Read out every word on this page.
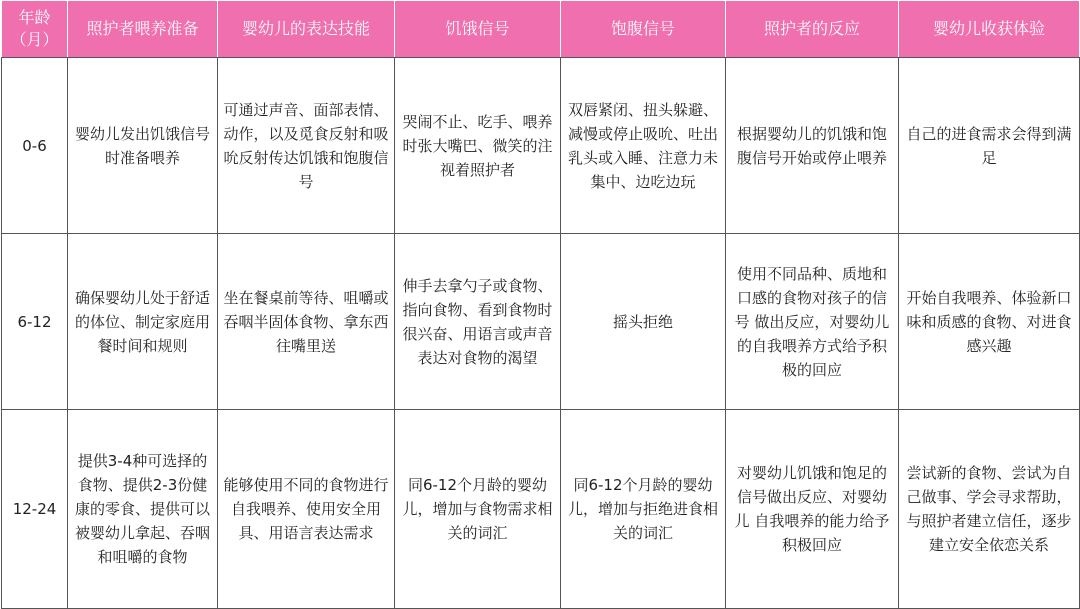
年龄
（月）	照护者喂养准备	婴幼儿的表达技能	饥饿信号	饱腹信号	照护者的反应	婴幼儿收获体验
0-6	婴幼儿发出饥饿信号时准备喂养	可通过声音、面部表情、动作，以及觅食反射和吸吮反射传达饥饿和饱腹信号	哭闹不止、吃手、喂养时张大嘴巴、微笑的注视着照护者	双唇紧闭、扭头躲避、减慢或停止吸吮、吐出乳头或入睡、注意力未集中、边吃边玩	根据婴幼儿的饥饿和饱腹信号开始或停止喂养	自己的进食需求会得到满足
6-12	确保婴幼儿处于舒适的体位、制定家庭用餐时间和规则	坐在餐桌前等待、咀嚼或吞咽半固体食物、拿东西往嘴里送	伸手去拿勺子或食物、指向食物、看到食物时很兴奋、用语言或声音表达对食物的渴望	摇头拒绝	使用不同品种、质地和口感的食物对孩子的信号 做出反应，对婴幼儿的自我喂养方式给予积极的回应	开始自我喂养、体验新口味和质感的食物、对进食感兴趣
12-24	提供3-4种可选择的食物、提供2-3份健康的零食、提供可以被婴幼儿拿起、吞咽和咀嚼的食物	能够使用不同的食物进行自我喂养、使用安全用具、用语言表达需求	同6-12个月龄的婴幼儿，增加与食物需求相关的词汇	同6-12个月龄的婴幼儿，增加与拒绝进食相关的词汇	对婴幼儿饥饿和饱足的信号做出反应、对婴幼儿 自我喂养的能力给予积极回应	尝试新的食物、尝试为自己做事、学会寻求帮助，与照护者建立信任，逐步建立安全依恋关系
